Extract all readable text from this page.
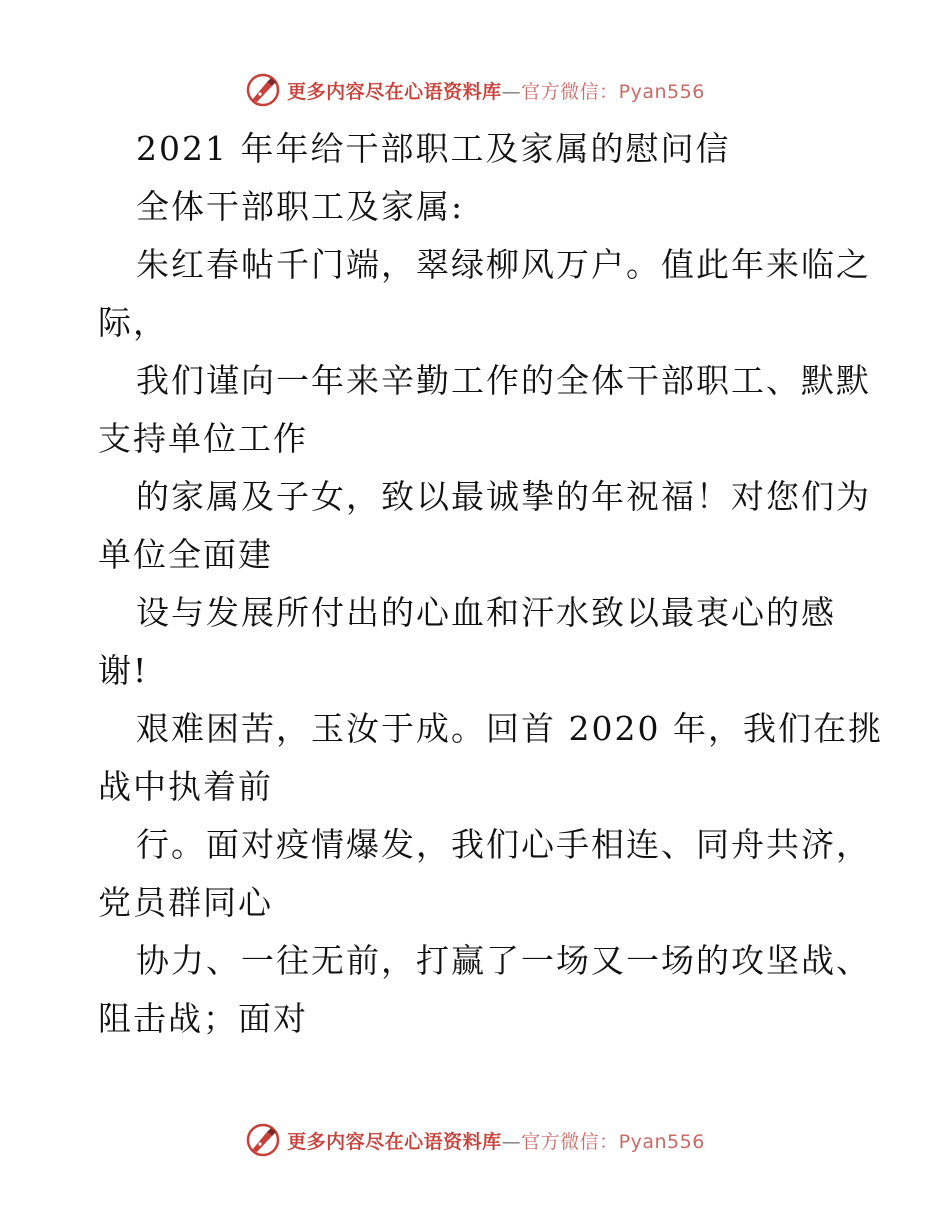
更多内容尽在心语资料库—官方微信：Pyan556
2021 年年给干部职工及家属的慰问信
全体干部职工及家属:
朱红春帖千门端，翠绿柳风万户。值此年来临之
际，
我们谨向一年来辛勤工作的全体干部职工、默默
支持单位工作
的家属及子女，致以最诚挚的年祝福！对您们为
单位全面建
设与发展所付出的心血和汗水致以最衷心的感
谢!
艰难困苦，玉汝于成。回首 2020 年，我们在挑
战中执着前
行。面对疫情爆发，我们心手相连、同舟共济，
党员群同心
协力、一往无前，打赢了一场又一场的攻坚战、
阻击战；面对
更多内容尽在心语资料库—官方微信：Pyan556
